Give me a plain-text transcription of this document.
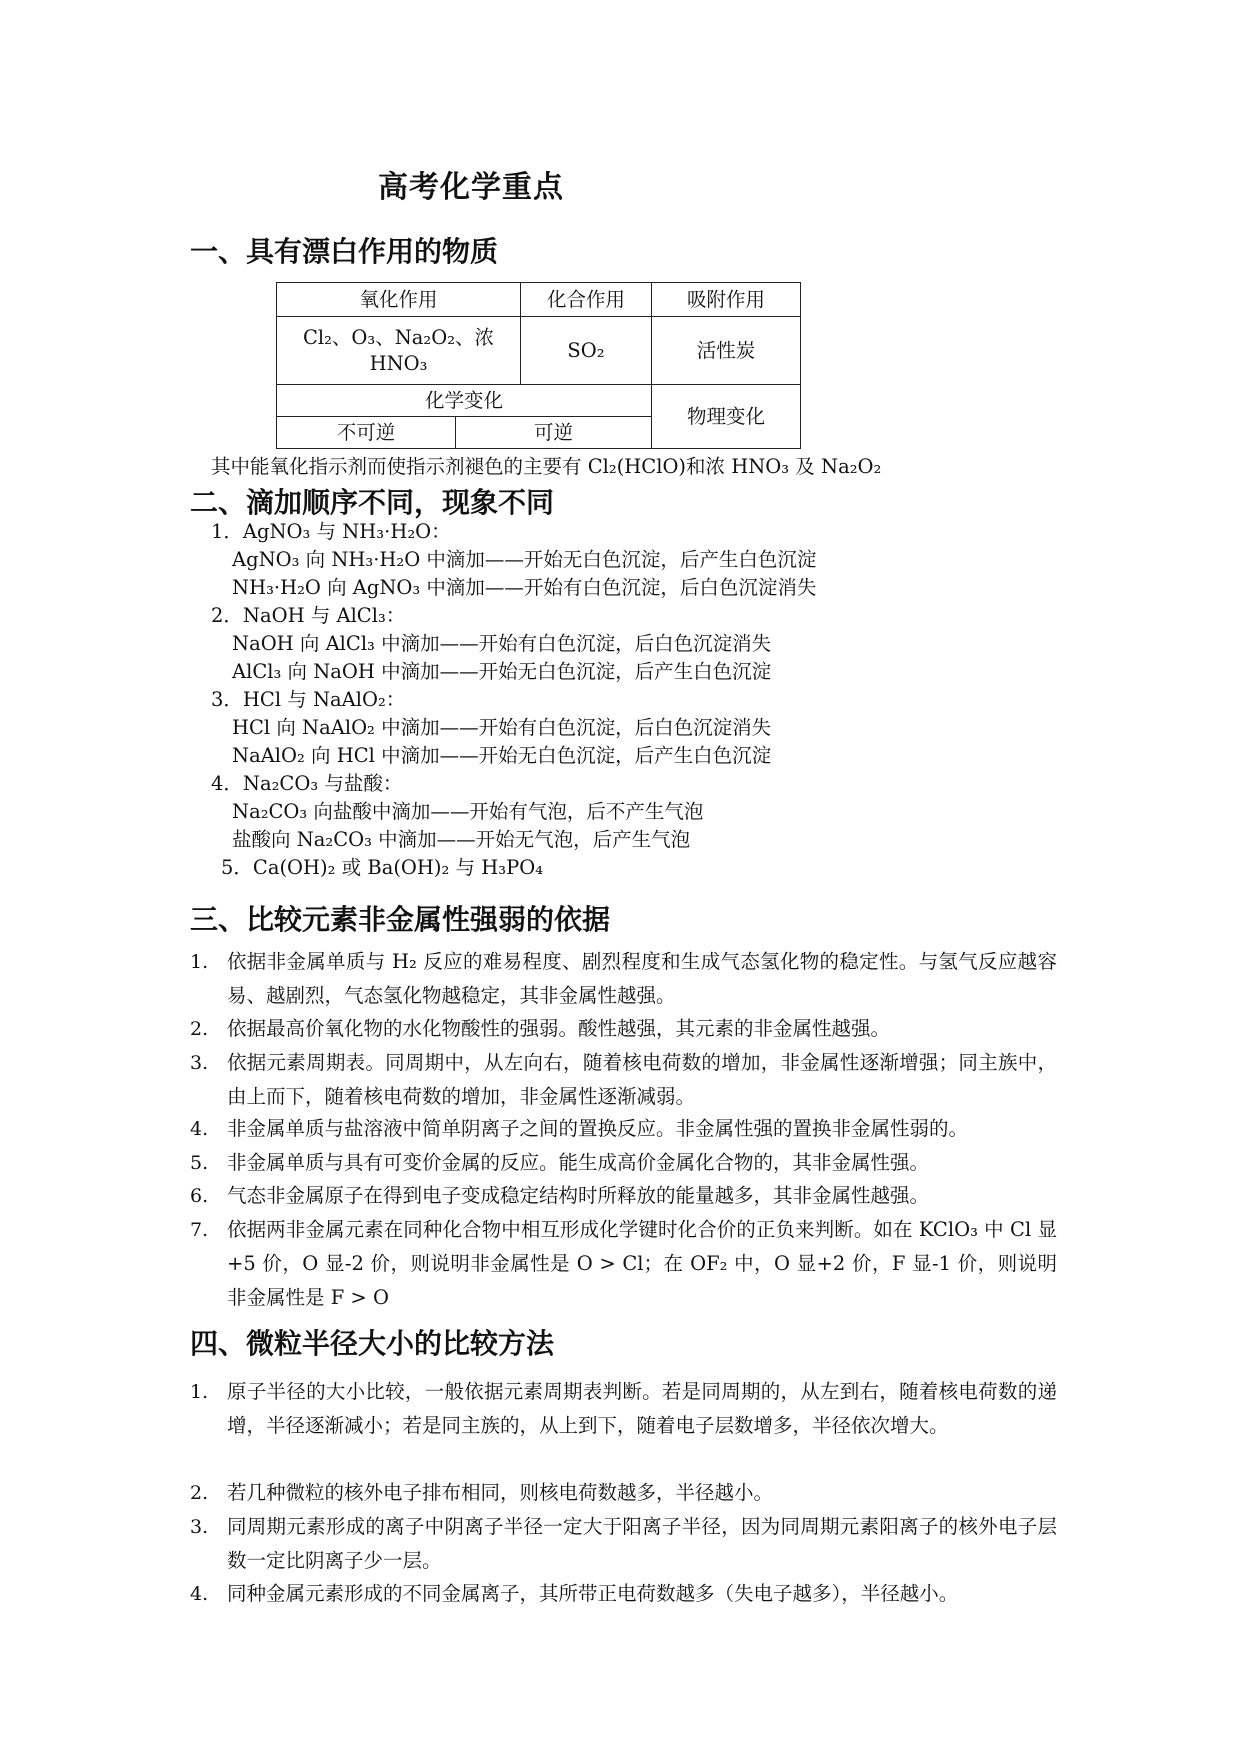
高考化学重点
一、具有漂白作用的物质
氧化作用		化合作用	吸附作用

Cl₂、O₃、Na₂O₂、浓
HNO₃		SO₂	活性炭
化学变化			物理变化
不可逆	可逆		
其中能氧化指示剂而使指示剂褪色的主要有 Cl₂(HClO)和浓 HNO₃ 及 Na₂O₂
二、滴加顺序不同，现象不同
1．AgNO₃ 与 NH₃·H₂O：
AgNO₃ 向 NH₃·H₂O 中滴加——开始无白色沉淀，后产生白色沉淀
NH₃·H₂O 向 AgNO₃ 中滴加——开始有白色沉淀，后白色沉淀消失
2．NaOH 与 AlCl₃：
NaOH 向 AlCl₃ 中滴加——开始有白色沉淀，后白色沉淀消失
AlCl₃ 向 NaOH 中滴加——开始无白色沉淀，后产生白色沉淀
3．HCl 与 NaAlO₂：
HCl 向 NaAlO₂ 中滴加——开始有白色沉淀，后白色沉淀消失
NaAlO₂ 向 HCl 中滴加——开始无白色沉淀，后产生白色沉淀
4．Na₂CO₃ 与盐酸：
Na₂CO₃ 向盐酸中滴加——开始有气泡，后不产生气泡
盐酸向 Na₂CO₃ 中滴加——开始无气泡，后产生气泡
5．Ca(OH)₂ 或 Ba(OH)₂ 与 H₃PO₄
三、比较元素非金属性强弱的依据
1. 依据非金属单质与 H₂ 反应的难易程度、剧烈程度和生成气态氢化物的稳定性。与氢气反应越容易、越剧烈，气态氢化物越稳定，其非金属性越强。
2. 依据最高价氧化物的水化物酸性的强弱。酸性越强，其元素的非金属性越强。
3. 依据元素周期表。同周期中，从左向右，随着核电荷数的增加，非金属性逐渐增强；同主族中，由上而下，随着核电荷数的增加，非金属性逐渐减弱。
4. 非金属单质与盐溶液中简单阴离子之间的置换反应。非金属性强的置换非金属性弱的。
5. 非金属单质与具有可变价金属的反应。能生成高价金属化合物的，其非金属性强。
6. 气态非金属原子在得到电子变成稳定结构时所释放的能量越多，其非金属性越强。
7. 依据两非金属元素在同种化合物中相互形成化学键时化合价的正负来判断。如在 KClO₃ 中 Cl 显+5 价，O 显-2 价，则说明非金属性是 O > Cl；在 OF₂ 中，O 显+2 价，F 显-1 价，则说明非金属性是 F > O
四、微粒半径大小的比较方法
1. 原子半径的大小比较，一般依据元素周期表判断。若是同周期的，从左到右，随着核电荷数的递增，半径逐渐减小；若是同主族的，从上到下，随着电子层数增多，半径依次增大。
2. 若几种微粒的核外电子排布相同，则核电荷数越多，半径越小。
3. 同周期元素形成的离子中阴离子半径一定大于阳离子半径，因为同周期元素阳离子的核外电子层数一定比阴离子少一层。
4. 同种金属元素形成的不同金属离子，其所带正电荷数越多（失电子越多），半径越小。
